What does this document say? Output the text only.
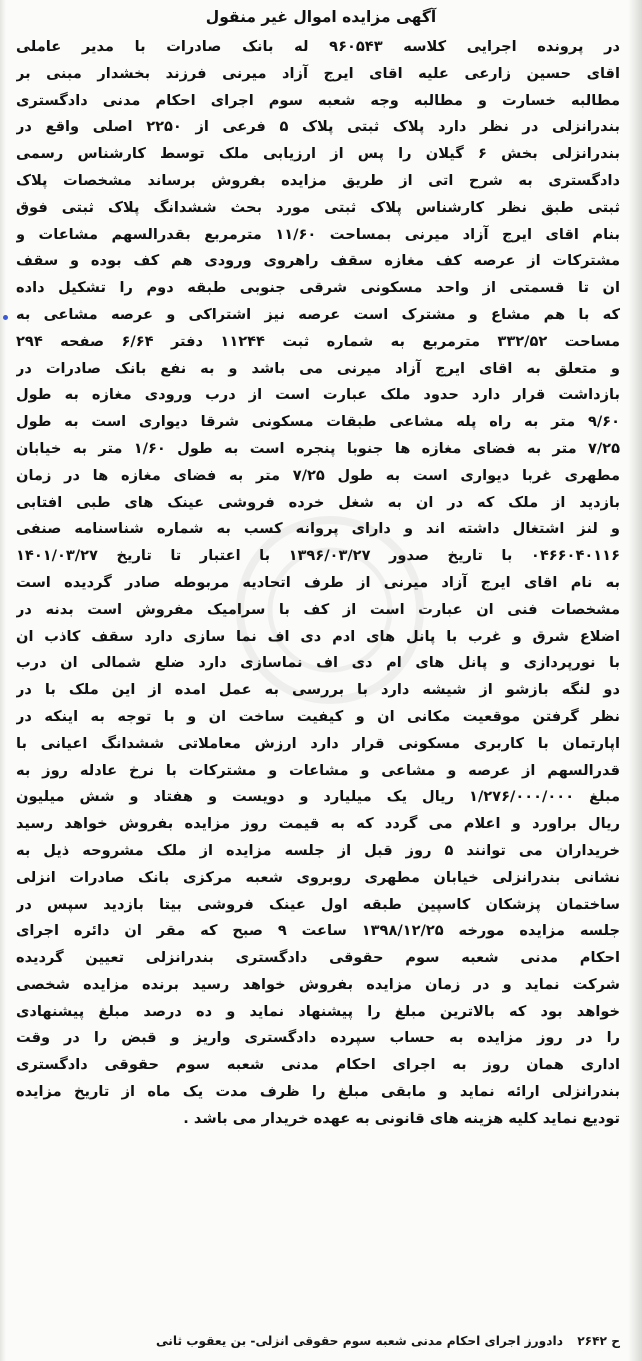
آگهی مزایده اموال غیر منقول
در پرونده اجرایی کلاسه ۹۶۰۵۴۳ له بانک صادرات با مدیر عاملی
اقای حسین زارعی علیه اقای ایرج آزاد میرنی فرزند بخشدار مبنی بر
مطالبه خسارت و مطالبه وجه شعبه سوم اجرای احکام مدنی دادگستری
بندرانزلی در نظر دارد پلاک ثبتی پلاک ۵ فرعی از ۲۲۵۰ اصلی واقع در
بندرانزلی بخش ۶ گیلان را پس از ارزیابی ملک توسط کارشناس رسمی
دادگستری به شرح اتی از طریق مزایده بفروش برساند مشخصات پلاک
ثبتی طبق نظر کارشناس پلاک ثبتی مورد بحث ششدانگ پلاک ثبتی فوق
بنام اقای ایرج آزاد میرنی بمساحت ۱۱/۶۰ مترمربع بقدرالسهم مشاعات و
مشترکات از عرصه کف مغازه سقف راهروی ورودی هم کف بوده و سقف
ان تا قسمتی از واحد مسکونی شرقی جنوبی طبقه دوم را تشکیل داده
که با هم مشاع و مشترک است عرصه نیز اشتراکی و عرصه مشاعی به
مساحت ۳۳۲/۵۲ مترمربع به شماره ثبت ۱۱۲۴۴ دفتر ۶/۶۴ صفحه ۲۹۴
و متعلق به اقای ایرج آزاد میرنی می باشد و به نفع بانک صادرات در
بازداشت قرار دارد حدود ملک عبارت است از درب ورودی مغازه به طول
۹/۶۰ متر به راه پله مشاعی طبقات مسکونی شرقا دیواری است به طول
۷/۲۵ متر به فضای مغازه ها جنوبا پنجره است به طول ۱/۶۰ متر به خیابان
مطهری غربا دیواری است به طول ۷/۲۵ متر به فضای مغازه ها در زمان
بازدید از ملک که در ان به شغل خرده فروشی عینک های طبی افتابی
و لنز اشتغال داشته اند و دارای پروانه کسب به شماره شناسنامه صنفی
۰۴۶۶۰۴۰۱۱۶ با تاریخ صدور ۱۳۹۶/۰۳/۲۷ با اعتبار تا تاریخ ۱۴۰۱/۰۳/۲۷
به نام اقای ایرج آزاد میرنی از طرف اتحادیه مربوطه صادر گردیده است
مشخصات فنی ان عبارت است از کف با سرامیک مفروش است بدنه در
اضلاع شرق و غرب با پانل های ادم دی اف نما سازی دارد سقف کاذب ان
با نورپردازی و پانل های ام دی اف نماسازی دارد ضلع شمالی ان درب
دو لنگه بازشو از شیشه دارد با بررسی به عمل امده از این ملک با در
نظر گرفتن موقعیت مکانی ان و کیفیت ساخت ان و با توجه به اینکه در
اپارتمان با کاربری مسکونی قرار دارد ارزش معاملاتی ششدانگ اعیانی با
قدرالسهم از عرصه و مشاعی و مشاعات و مشترکات با نرخ عادله روز به
مبلغ ۱/۲۷۶/۰۰۰/۰۰۰ ریال یک میلیارد و دویست و هفتاد و شش میلیون
ریال براورد و اعلام می گردد که به قیمت روز مزایده بفروش خواهد رسید
خریداران می توانند ۵ روز قبل از جلسه مزایده از ملک مشروحه ذیل به
نشانی بندرانزلی خیابان مطهری روبروی شعبه مرکزی بانک صادرات انزلی
ساختمان پزشکان کاسپین طبقه اول عینک فروشی بیتا بازدید سپس در
جلسه مزایده مورخه ۱۳۹۸/۱۲/۲۵ ساعت ۹ صبح که مقر ان دائره اجرای
احکام مدنی شعبه سوم حقوقی دادگستری بندرانزلی تعیین گردیده
شرکت نماید و در زمان مزایده بفروش خواهد رسید برنده مزایده شخصی
خواهد بود که بالاترین مبلغ را پیشنهاد نماید و ده درصد مبلغ پیشنهادی
را در روز مزایده به حساب سپرده دادگستری واریز و قبض را در وقت
اداری همان روز به اجرای احکام مدنی شعبه سوم حقوقی دادگستری
بندرانزلی ارائه نماید و مابقی مبلغ را ظرف مدت یک ماه از تاریخ مزایده
تودیع نماید کلیه هزینه های قانونی به عهده خریدار می باشد .
ح ۲۶۴۲ دادورز اجرای احکام مدنی شعبه سوم حقوقی انزلی- بن یعقوب ثانی
